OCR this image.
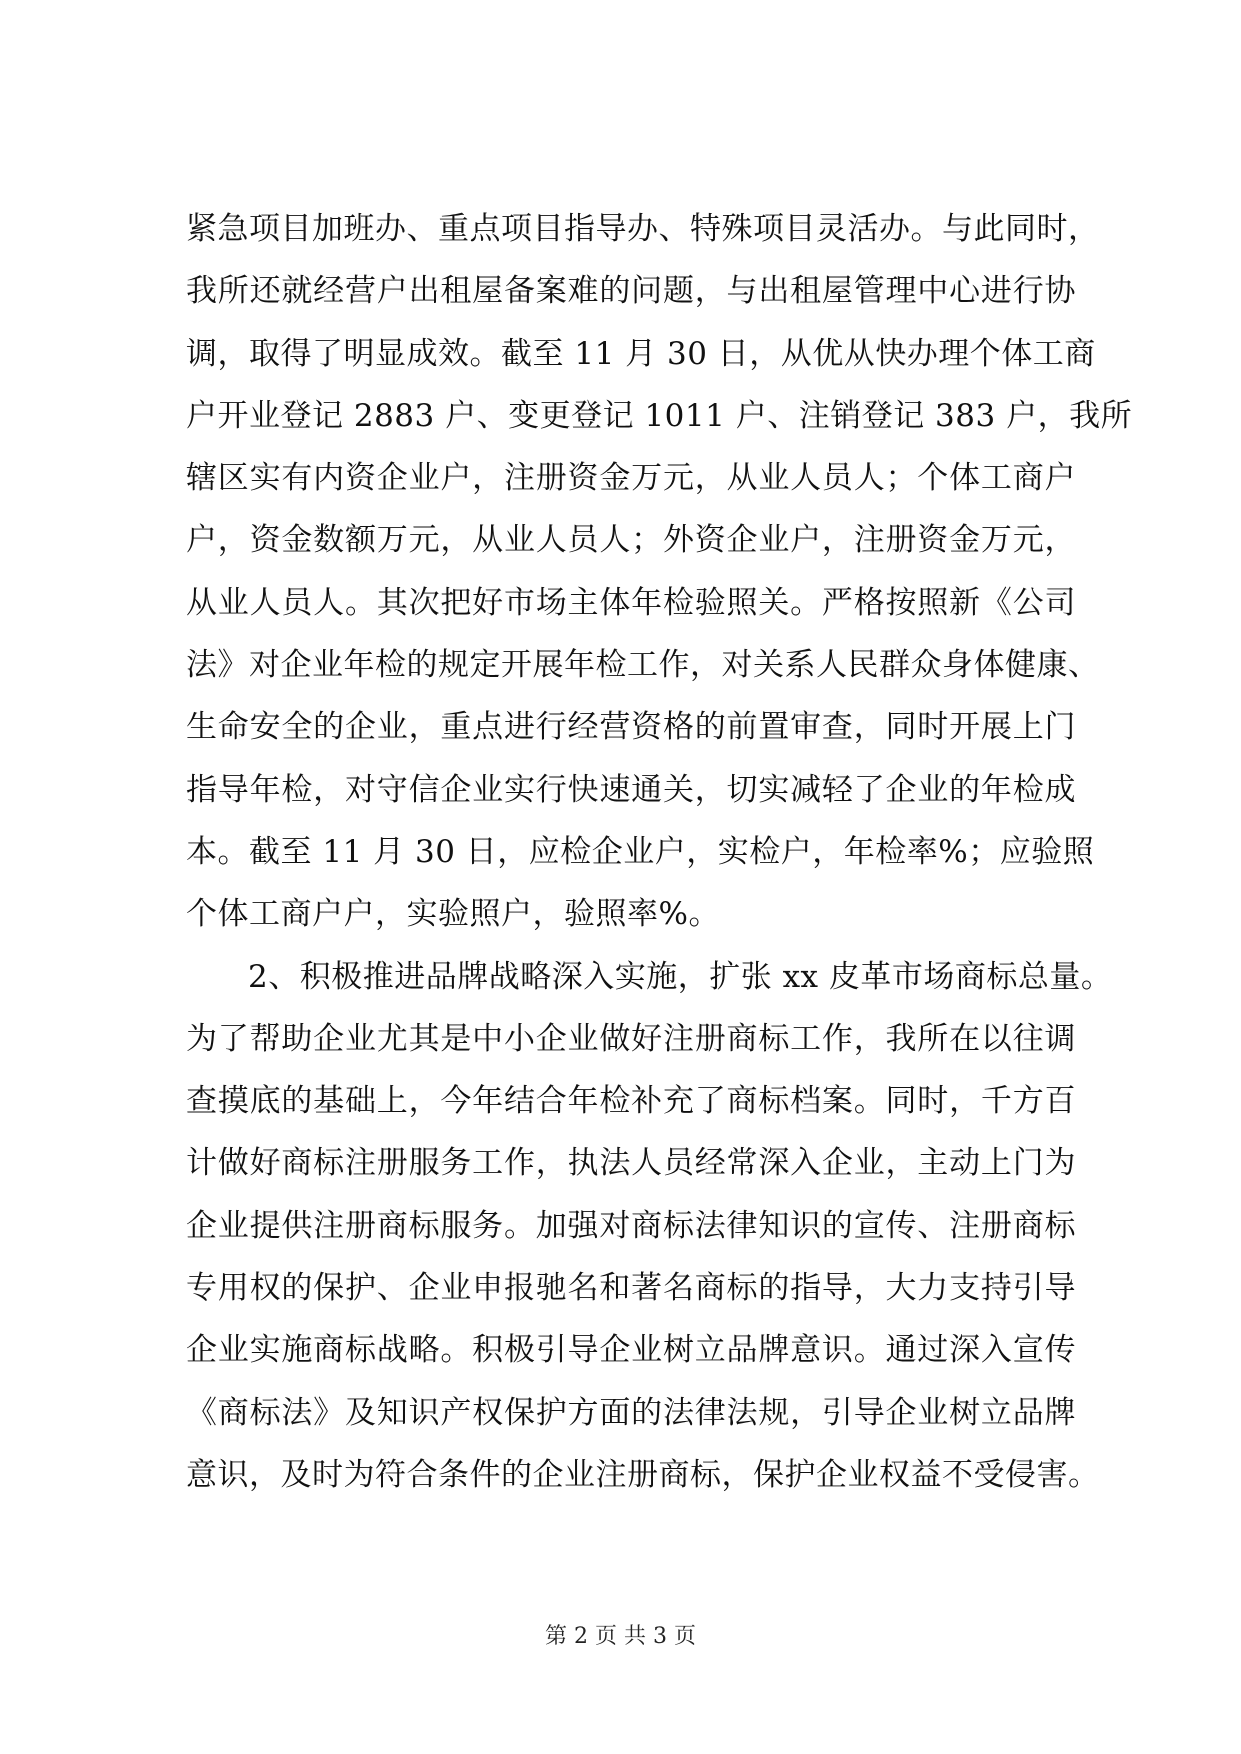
紧急项目加班办、重点项目指导办、特殊项目灵活办。与此同时，
我所还就经营户出租屋备案难的问题，与出租屋管理中心进行协
调，取得了明显成效。截至 11 月 30 日，从优从快办理个体工商
户开业登记 2883 户、变更登记 1011 户、注销登记 383 户，我所
辖区实有内资企业户，注册资金万元，从业人员人；个体工商户
户，资金数额万元，从业人员人；外资企业户，注册资金万元，
从业人员人。其次把好市场主体年检验照关。严格按照新《公司
法》对企业年检的规定开展年检工作，对关系人民群众身体健康、
生命安全的企业，重点进行经营资格的前置审查，同时开展上门
指导年检，对守信企业实行快速通关，切实减轻了企业的年检成
本。截至 11 月 30 日，应检企业户，实检户，年检率%；应验照
个体工商户户，实验照户，验照率%。
2、积极推进品牌战略深入实施，扩张 xx 皮革市场商标总量。
为了帮助企业尤其是中小企业做好注册商标工作，我所在以往调
查摸底的基础上，今年结合年检补充了商标档案。同时，千方百
计做好商标注册服务工作，执法人员经常深入企业，主动上门为
企业提供注册商标服务。加强对商标法律知识的宣传、注册商标
专用权的保护、企业申报驰名和著名商标的指导，大力支持引导
企业实施商标战略。积极引导企业树立品牌意识。通过深入宣传
《商标法》及知识产权保护方面的法律法规，引导企业树立品牌
意识，及时为符合条件的企业注册商标，保护企业权益不受侵害。
第 2 页 共 3 页
